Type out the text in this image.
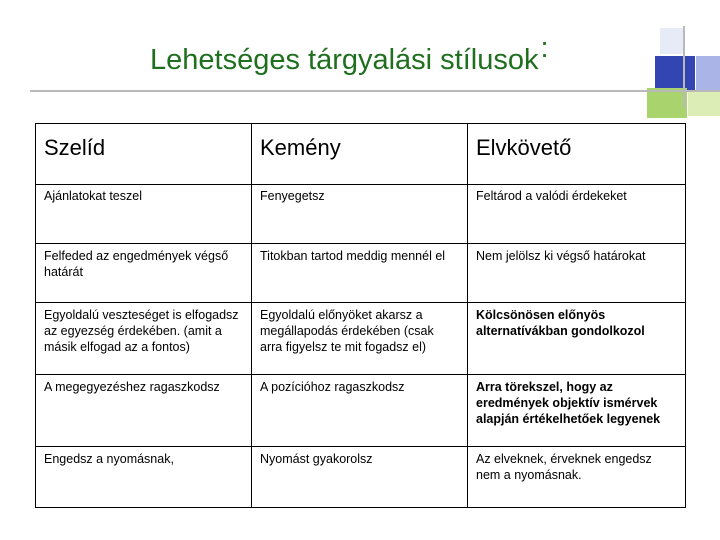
Lehetséges tárgyalási stílusok:
Szelíd	Kemény	Elvkövető
Ajánlatokat teszel	Fenyegetsz	Feltárod a valódi érdekeket
Felfeded az engedmények végső határát	Titokban tartod meddig mennél el	Nem jelölsz ki végső határokat
Egyoldalú veszteséget is elfogadsz az egyezség érdekében. (amit a másik elfogad az a fontos)	Egyoldalú előnyöket akarsz a megállapodás érdekében (csak arra figyelsz te mit fogadsz el)	Kölcsönösen előnyös alternatívákban gondolkozol
A megegyezéshez ragaszkodsz	A pozícióhoz ragaszkodsz	Arra törekszel, hogy az eredmények objektív ismérvek alapján értékelhetőek legyenek
Engedsz a nyomásnak,	Nyomást gyakorolsz	Az elveknek, érveknek engedsz nem a nyomásnak.
